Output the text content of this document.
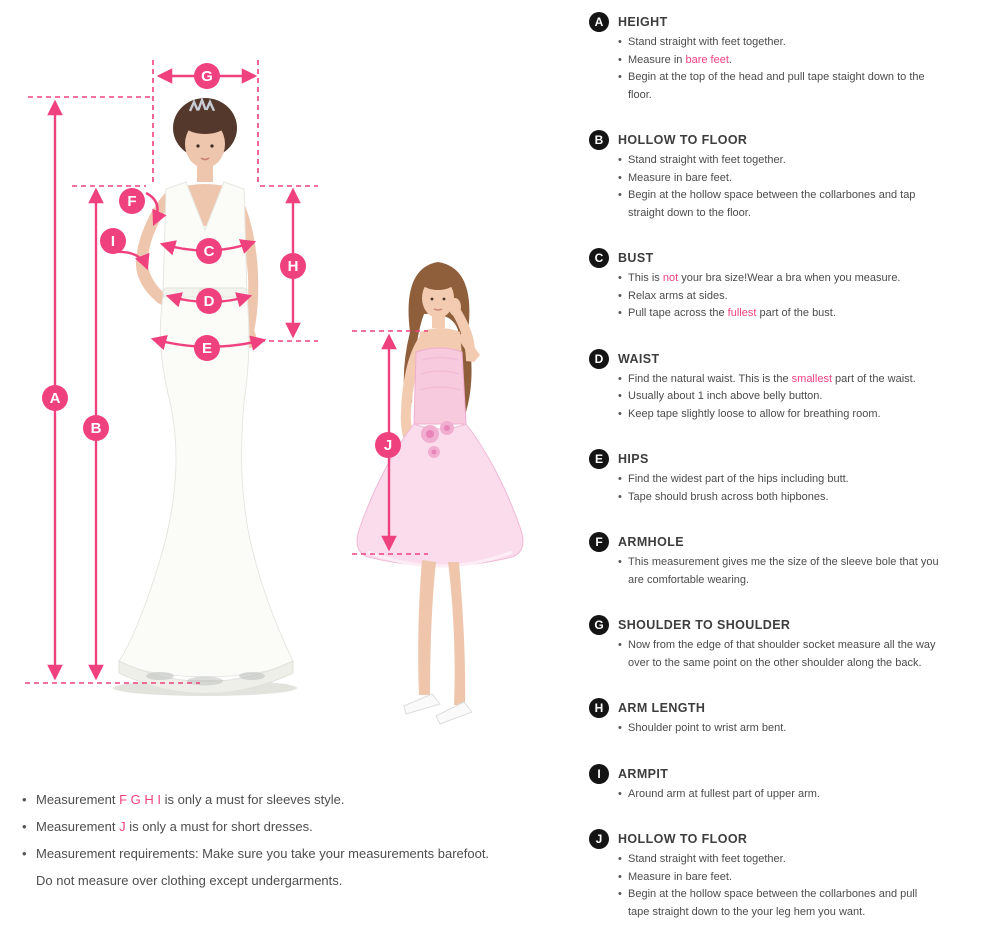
G
A
B
F
I
C
D
E
H
J
A	HEIGHT
• Stand straight with feet together.
• Measure in bare feet.
• Begin at the top of the head and pull tape staight down to the floor.
B	HOLLOW TO FLOOR
• Stand straight with feet together.
• Measure in bare feet.
• Begin at the hollow space between the collarbones and tap straight down to the floor.
C	BUST
• This is not your bra size!Wear a bra when you measure.
• Relax arms at sides.
• Pull tape across the fullest part of the bust.
D	WAIST
• Find the natural waist. This is the smallest part of the waist.
• Usually about 1 inch above belly button.
• Keep tape slightly loose to allow for breathing room.
E	HIPS
• Find the widest part of the hips including butt.
• Tape should brush across both hipbones.
F	ARMHOLE
• This measurement gives me the size of the sleeve bole that you are comfortable wearing.
G	SHOULDER TO SHOULDER
• Now from the edge of that shoulder socket measure all the way over to the same point on the other shoulder along the back.
H	ARM LENGTH
• Shoulder point to wrist arm bent.
I	ARMPIT
• Around arm at fullest part of upper arm.
J	HOLLOW TO FLOOR
• Stand straight with feet together.
• Measure in bare feet.
• Begin at the hollow space between the collarbones and pull tape straight down to the your leg hem you want.
• Measurement F G H I is only a must for sleeves style.
• Measurement J is only a must for short dresses.
• Measurement requirements: Make sure you take your measurements barefoot.
Do not measure over clothing except undergarments.
